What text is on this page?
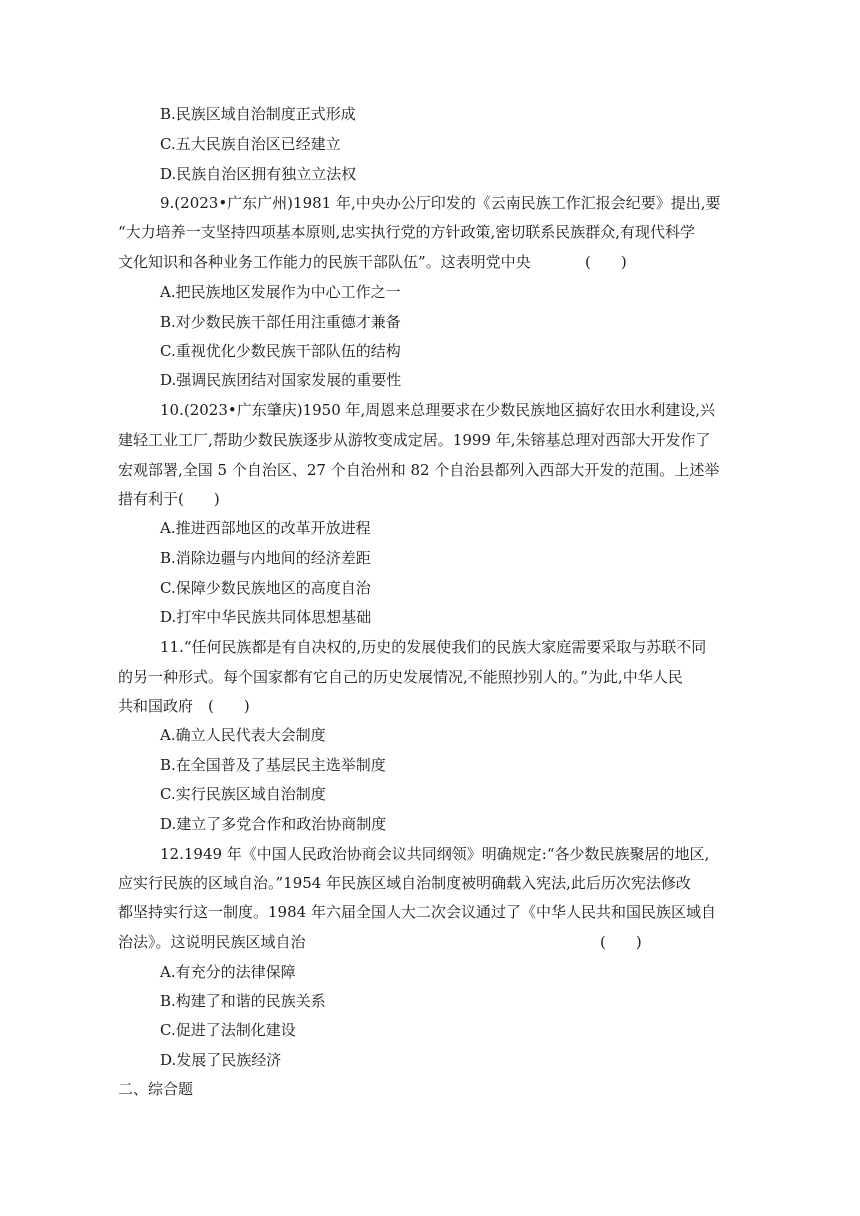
B.民族区域自治制度正式形成
C.五大民族自治区已经建立
D.民族自治区拥有独立立法权
9.(2023•广东广州)1981 年,中央办公厅印发的《云南民族工作汇报会纪要》提出,要
“大力培养一支坚持四项基本原则,忠实执行党的方针政策,密切联系民族群众,有现代科学
文化知识和各种业务工作能力的民族干部队伍”。这表明党中央	(　　)
A.把民族地区发展作为中心工作之一
B.对少数民族干部任用注重德才兼备
C.重视优化少数民族干部队伍的结构
D.强调民族团结对国家发展的重要性
10.(2023•广东肇庆)1950 年,周恩来总理要求在少数民族地区搞好农田水利建设,兴
建轻工业工厂,帮助少数民族逐步从游牧变成定居。1999 年,朱镕基总理对西部大开发作了
宏观部署,全国 5 个自治区、27 个自治州和 82 个自治县都列入西部大开发的范围。上述举
措有利于(　　)
A.推进西部地区的改革开放进程
B.消除边疆与内地间的经济差距
C.保障少数民族地区的高度自治
D.打牢中华民族共同体思想基础
11.“任何民族都是有自决权的,历史的发展使我们的民族大家庭需要采取与苏联不同
的另一种形式。每个国家都有它自己的历史发展情况,不能照抄别人的。”为此,中华人民
共和国政府　(　　)
A.确立人民代表大会制度
B.在全国普及了基层民主选举制度
C.实行民族区域自治制度
D.建立了多党合作和政治协商制度
12.1949 年《中国人民政治协商会议共同纲领》明确规定:“各少数民族聚居的地区,
应实行民族的区域自治。”1954 年民族区域自治制度被明确载入宪法,此后历次宪法修改
都坚持实行这一制度。1984 年六届全国人大二次会议通过了《中华人民共和国民族区域自
治法》。这说明民族区域自治	(　　)
A.有充分的法律保障
B.构建了和谐的民族关系
C.促进了法制化建设
D.发展了民族经济
二、综合题
